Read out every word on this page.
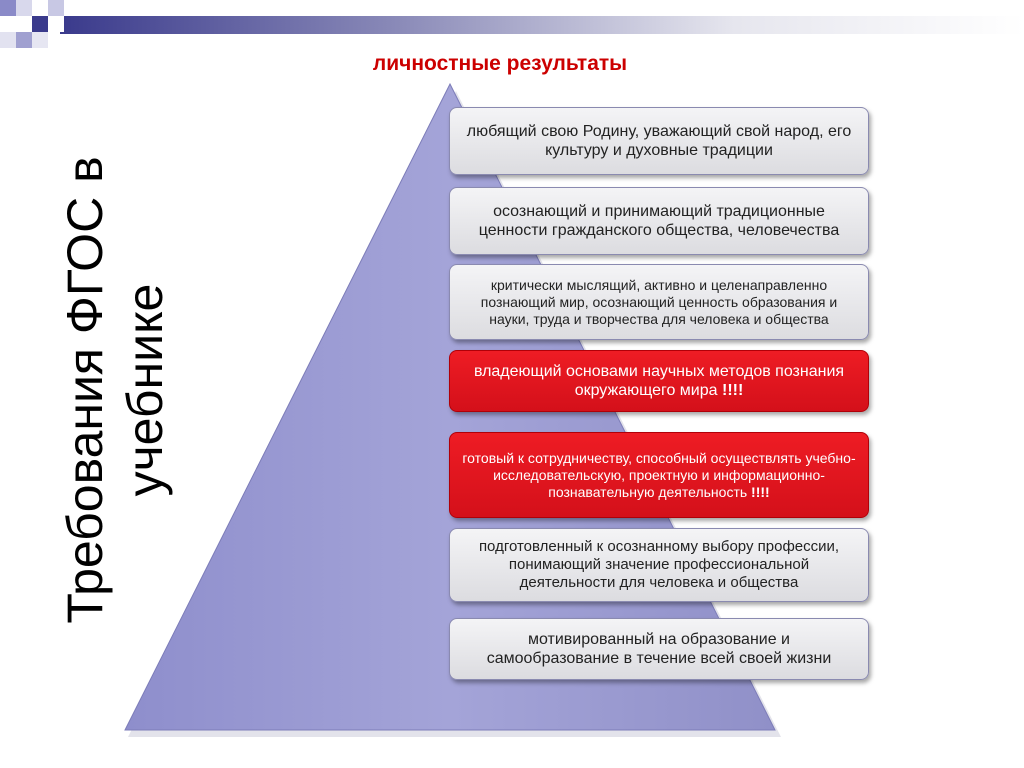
личностные результаты
Требования ФГОС в учебнике
любящий свою Родину, уважающий свой народ, его культуру и духовные традиции
осознающий и принимающий традиционные ценности гражданского общества, человечества
критически мыслящий, активно и целенаправленно познающий мир, осознающий ценность образования и науки, труда и творчества для человека и общества
владеющий основами научных методов познания окружающего мира !!!!
готовый к сотрудничеству, способный осуществлять учебно-исследовательскую, проектную и информационно-познавательную деятельность !!!!
подготовленный к осознанному выбору профессии, понимающий значение профессиональной деятельности для человека и общества
мотивированный на образование и самообразование в течение всей своей жизни
